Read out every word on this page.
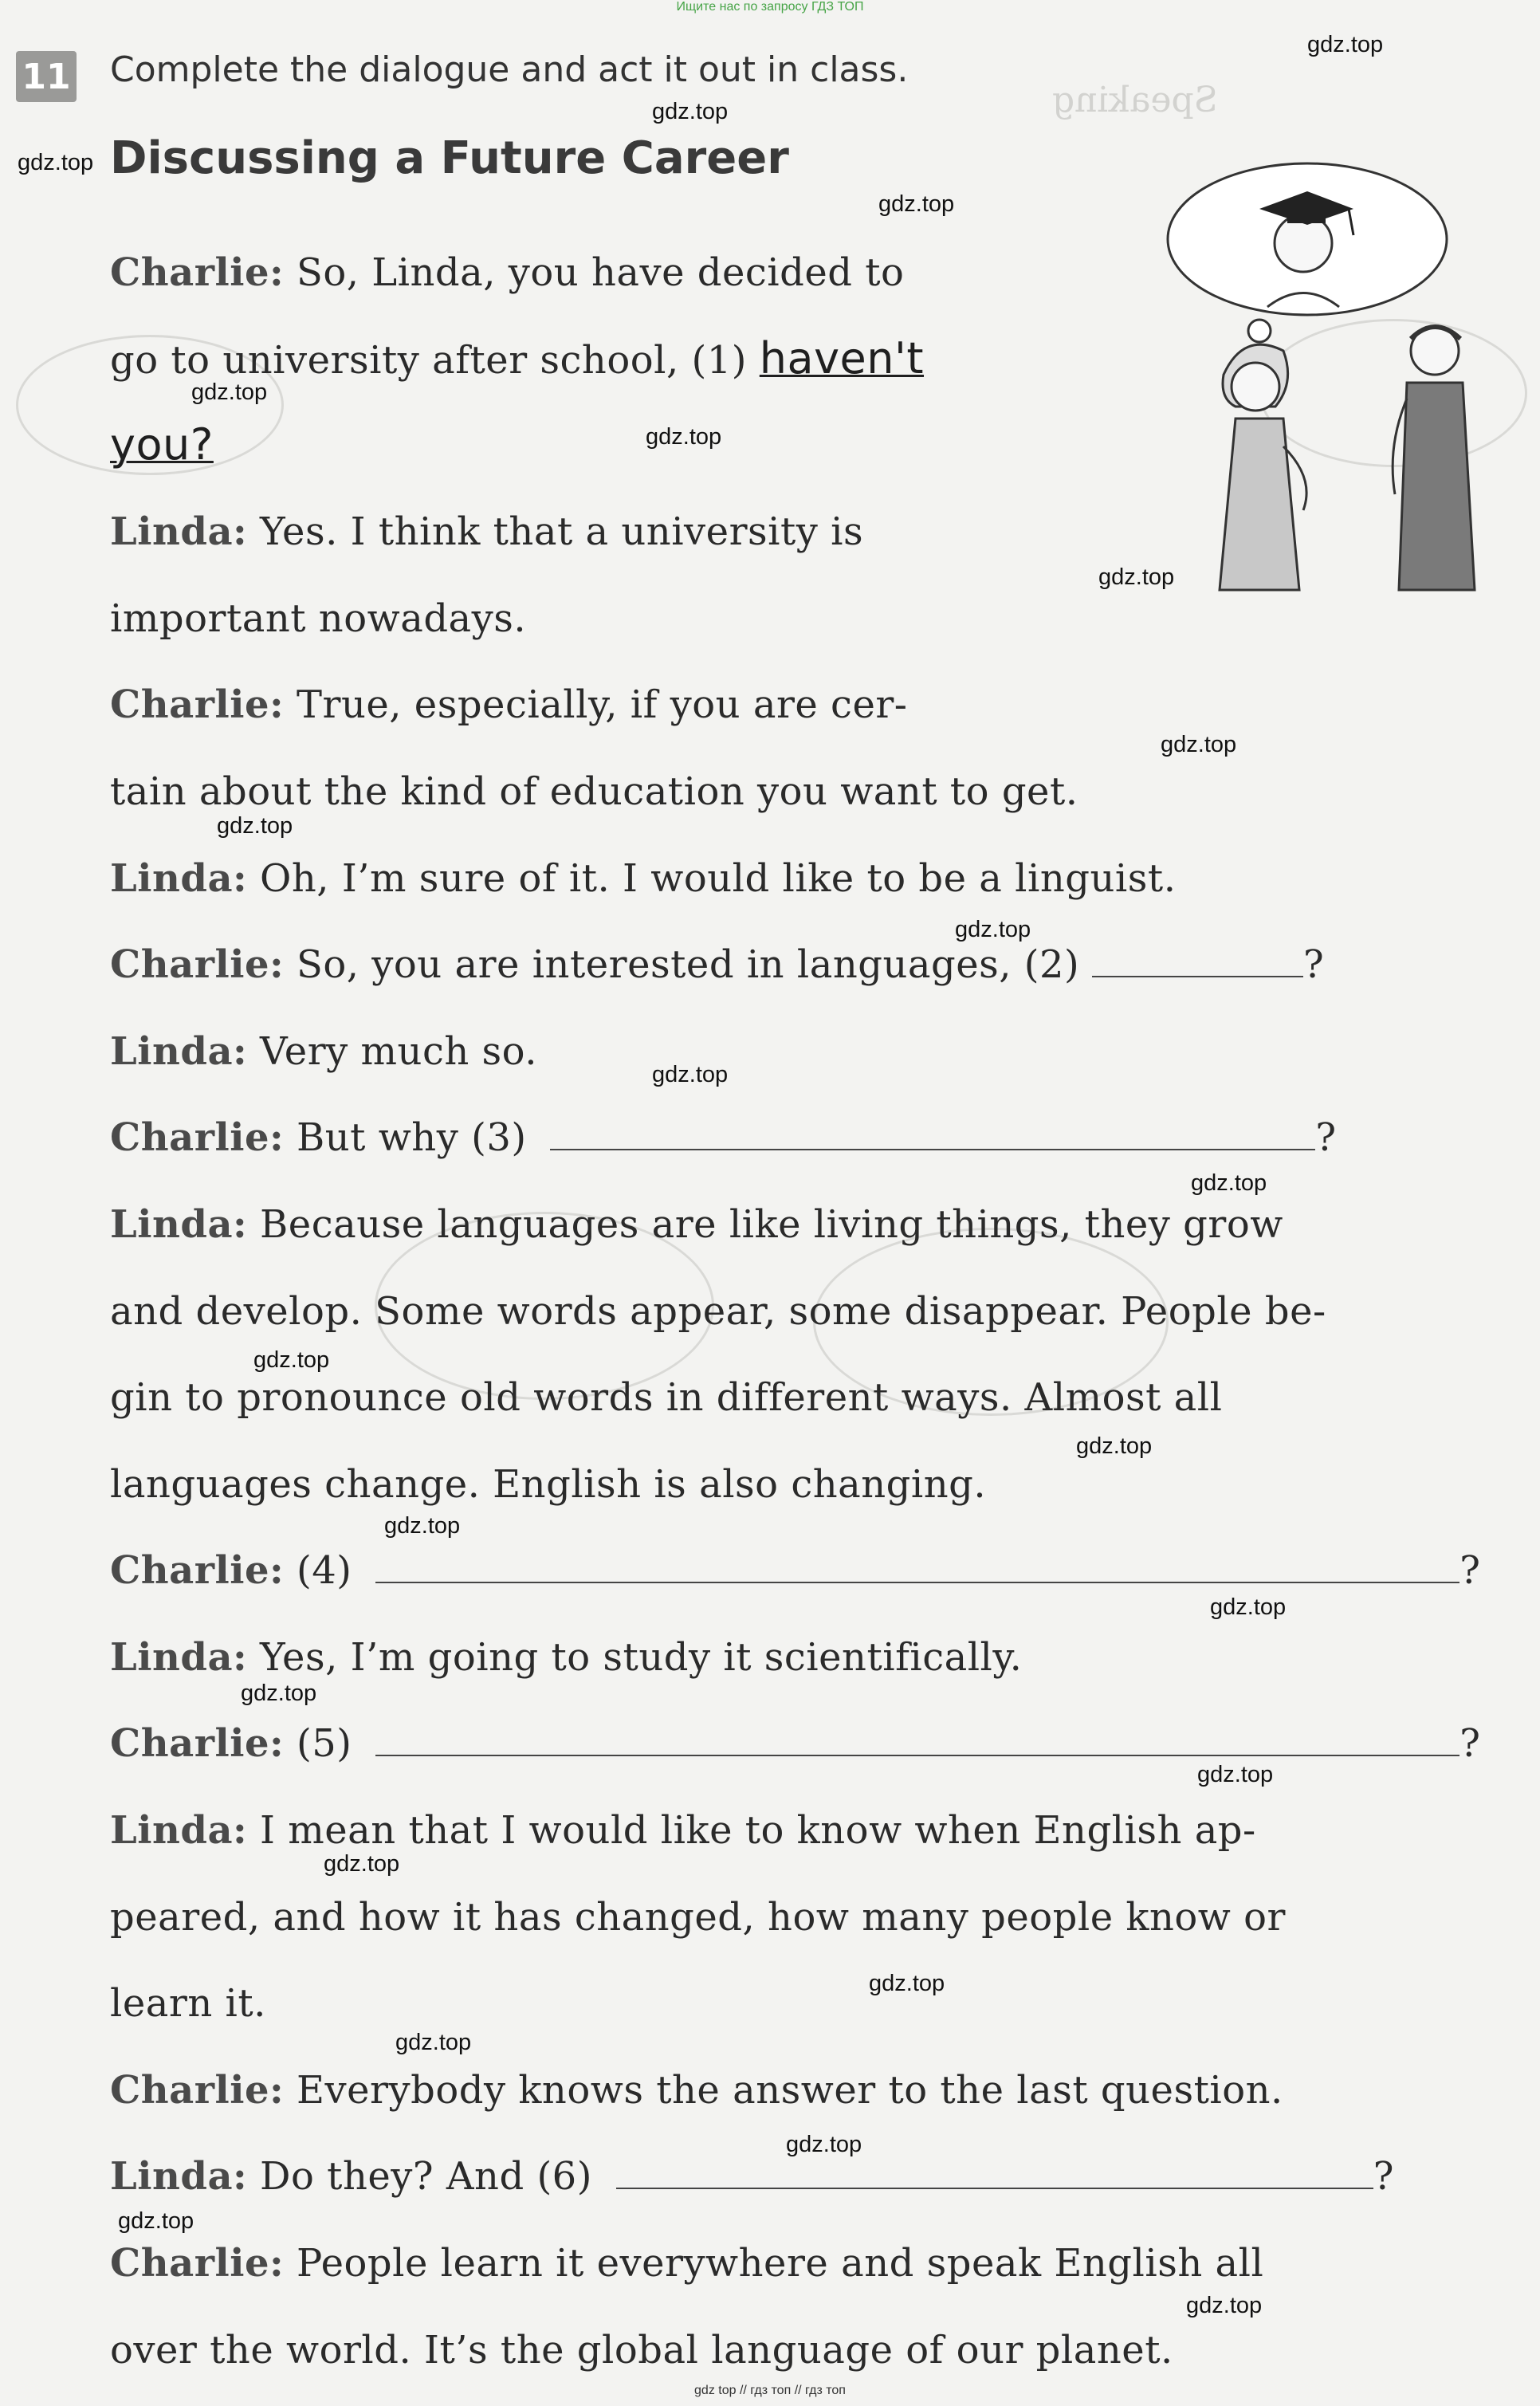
Speaking
Ищите нас по запросу ГДЗ ТОП
11 Complete the dialogue and act it out in class.
Discussing a Future Career
Charlie: So, Linda, you have decided to
go to university after school, (1) haven't
you?
Linda: Yes. I think that a university is
important nowadays.
Charlie: True, especially, if you are cer-
tain about the kind of education you want to get.
Linda: Oh, I’m sure of it. I would like to be a linguist.
Charlie: So, you are interested in languages, (2)	?
Linda: Very much so.
Charlie: But why (3)	?
Linda: Because languages are like living things, they grow
and develop. Some words appear, some disappear. People be-
gin to pronounce old words in different ways. Almost all
languages change. English is also changing.
Charlie: (4)	?
Linda: Yes, I’m going to study it scientifically.
Charlie: (5)	?
Linda: I mean that I would like to know when English ap-
peared, and how it has changed, how many people know or
learn it.
Charlie: Everybody knows the answer to the last question.
Linda: Do they? And (6)	?
Charlie: People learn it everywhere and speak English all
over the world. It’s the global language of our planet.
gdz.top
gdz.top
gdz.top
gdz.top
gdz.top
gdz.top
gdz.top
gdz.top
gdz.top
gdz.top
gdz.top
gdz.top
gdz.top
gdz.top
gdz.top
gdz.top
gdz.top
gdz.top
gdz.top
gdz.top
gdz.top
gdz.top
gdz.top
gdz.top
gdz top // гдз топ // гдз топ
